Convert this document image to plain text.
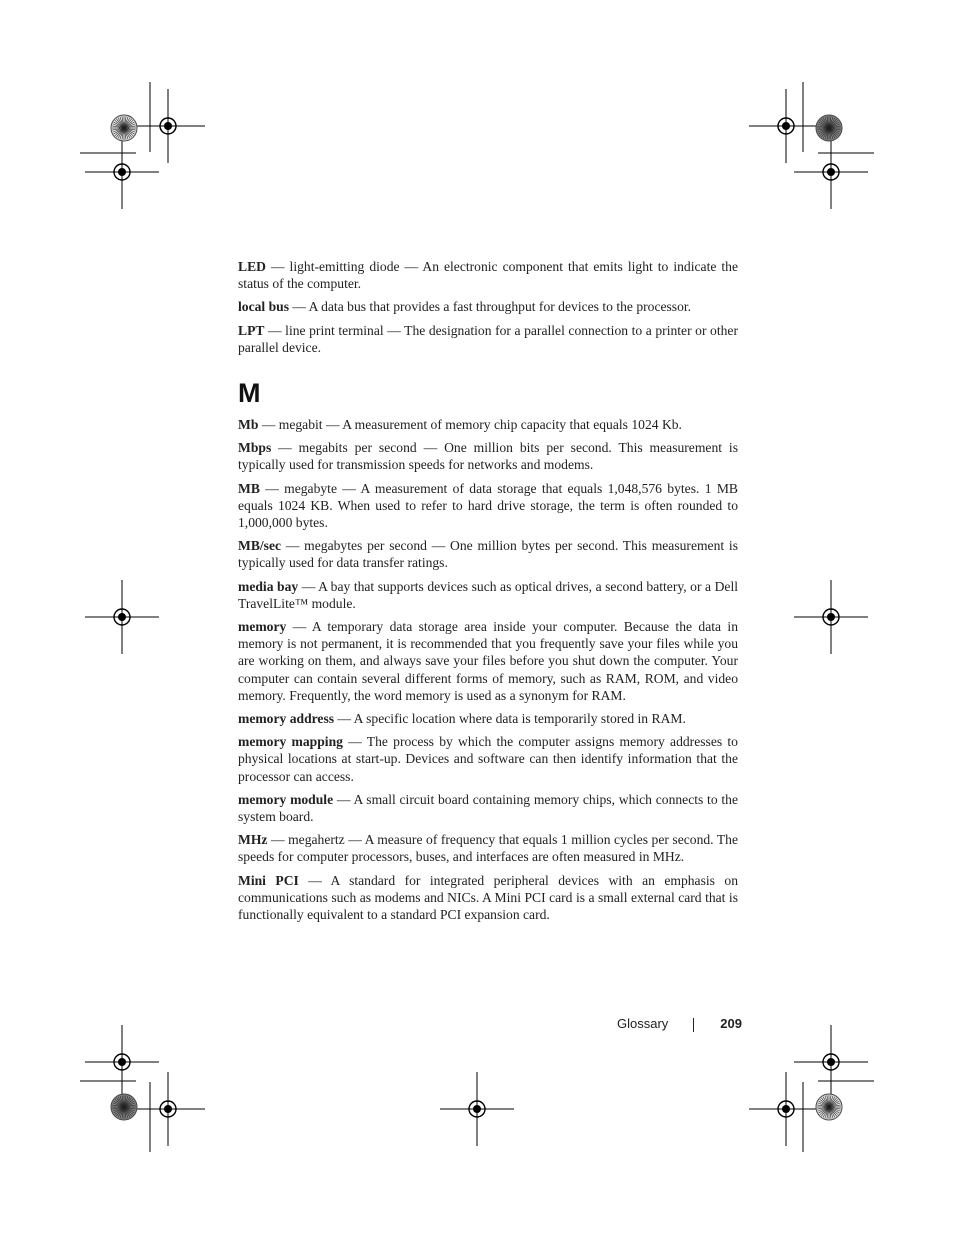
LED — light-emitting diode — An electronic component that emits light to indicate the status of the computer.

local bus — A data bus that provides a fast throughput for devices to the processor.

LPT — line print terminal — The designation for a parallel connection to a printer or other parallel device.

M

Mb — megabit — A measurement of memory chip capacity that equals 1024 Kb.

Mbps — megabits per second — One million bits per second. This measurement is typically used for transmission speeds for networks and modems.

MB — megabyte — A measurement of data storage that equals 1,048,576 bytes. 1 MB equals 1024 KB. When used to refer to hard drive storage, the term is often rounded to 1,000,000 bytes.

MB/sec — megabytes per second — One million bytes per second. This measurement is typically used for data transfer ratings.

media bay — A bay that supports devices such as optical drives, a second battery, or a Dell TravelLite™ module.

memory — A temporary data storage area inside your computer. Because the data in memory is not permanent, it is recommended that you frequently save your files while you are working on them, and always save your files before you shut down the computer. Your computer can contain several different forms of memory, such as RAM, ROM, and video memory. Frequently, the word memory is used as a synonym for RAM.

memory address — A specific location where data is temporarily stored in RAM.

memory mapping — The process by which the computer assigns memory addresses to physical locations at start-up. Devices and software can then identify information that the processor can access.

memory module — A small circuit board containing memory chips, which connects to the system board.

MHz — megahertz — A measure of frequency that equals 1 million cycles per second. The speeds for computer processors, buses, and interfaces are often measured in MHz.

Mini PCI — A standard for integrated peripheral devices with an emphasis on communications such as modems and NICs. A Mini PCI card is a small external card that is functionally equivalent to a standard PCI expansion card.

Glossary	209
